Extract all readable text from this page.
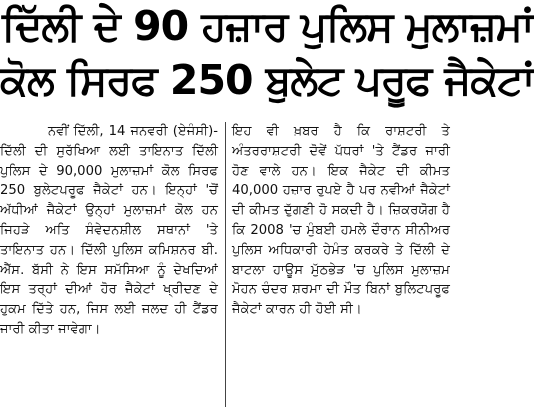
ਦਿੱਲੀ ਦੇ 90 ਹਜ਼ਾਰ ਪੁਲਿਸ ਮੁਲਾਜ਼ਮਾਂ
ਕੋਲ ਸਿਰਫ 250 ਬੁਲੇਟ ਪਰੂਫ ਜੈਕੇਟਾਂ

ਨਵੀਂ ਦਿੱਲੀ, 14 ਜਨਵਰੀ (ਏਜੰਸੀ)-ਦਿੱਲੀ ਦੀ ਸੁਰੱਖਿਆ ਲਈ ਤਾਇਨਾਤ ਦਿੱਲੀ ਪੁਲਿਸ ਦੇ 90,000 ਮੁਲਾਜ਼ਮਾਂ ਕੋਲ ਸਿਰਫ 250 ਬੁਲੇਟਪਰੂਫ ਜੈਕੇਟਾਂ ਹਨ। ਇਨ੍ਹਾਂ 'ਚੋਂ ਅੱਧੀਆਂ ਜੈਕੇਟਾਂ ਉਨ੍ਹਾਂ ਮੁਲਾਜ਼ਮਾਂ ਕੋਲ ਹਨ ਜਿਹੜੇ ਅਤਿ ਸੰਵੇਦਨਸ਼ੀਲ ਸਥਾਨਾਂ 'ਤੇ ਤਾਇਨਾਤ ਹਨ। ਦਿੱਲੀ ਪੁਲਿਸ ਕਮਿਸ਼ਨਰ ਬੀ. ਐੱਸ. ਬੱਸੀ ਨੇ ਇਸ ਸਮੱਸਿਆ ਨੂੰ ਦੇਖਦਿਆਂ ਇਸ ਤਰ੍ਹਾਂ ਦੀਆਂ ਹੋਰ ਜੈਕੇਟਾਂ ਖ੍ਰੀਦਣ ਦੇ ਹੁਕਮ ਦਿੱਤੇ ਹਨ, ਜਿਸ ਲਈ ਜਲਦ ਹੀ ਟੈਂਡਰ ਜਾਰੀ ਕੀਤਾ ਜਾਵੇਗਾ।

ਇਹ ਵੀ ਖ਼ਬਰ ਹੈ ਕਿ ਰਾਸ਼ਟਰੀ ਤੇ ਅੰਤਰਰਾਸ਼ਟਰੀ ਦੋਵੇਂ ਪੱਧਰਾਂ 'ਤੇ ਟੈਂਡਰ ਜਾਰੀ ਹੋਣ ਵਾਲੇ ਹਨ। ਇਕ ਜੈਕੇਟ ਦੀ ਕੀਮਤ 40,000 ਹਜ਼ਾਰ ਰੁਪਏ ਹੈ ਪਰ ਨਵੀਆਂ ਜੈਕੇਟਾਂ ਦੀ ਕੀਮਤ ਦੁੱਗਣੀ ਹੋ ਸਕਦੀ ਹੈ। ਜ਼ਿਕਰਯੋਗ ਹੈ ਕਿ 2008 'ਚ ਮੁੰਬਈ ਹਮਲੇ ਦੌਰਾਨ ਸੀਨੀਅਰ ਪੁਲਿਸ ਅਧਿਕਾਰੀ ਹੇਮੰਤ ਕਰਕਰੇ ਤੇ ਦਿੱਲੀ ਦੇ ਬਾਟਲਾ ਹਾਊਸ ਮੁੱਠਭੇੜ 'ਚ ਪੁਲਿਸ ਮੁਲਾਜ਼ਮ ਮੋਹਨ ਚੰਦਰ ਸ਼ਰਮਾ ਦੀ ਮੌਤ ਬਿਨਾਂ ਬੁਲਿਟਪਰੂਫ ਜੈਕੇਟਾਂ ਕਾਰਨ ਹੀ ਹੋਈ ਸੀ।
